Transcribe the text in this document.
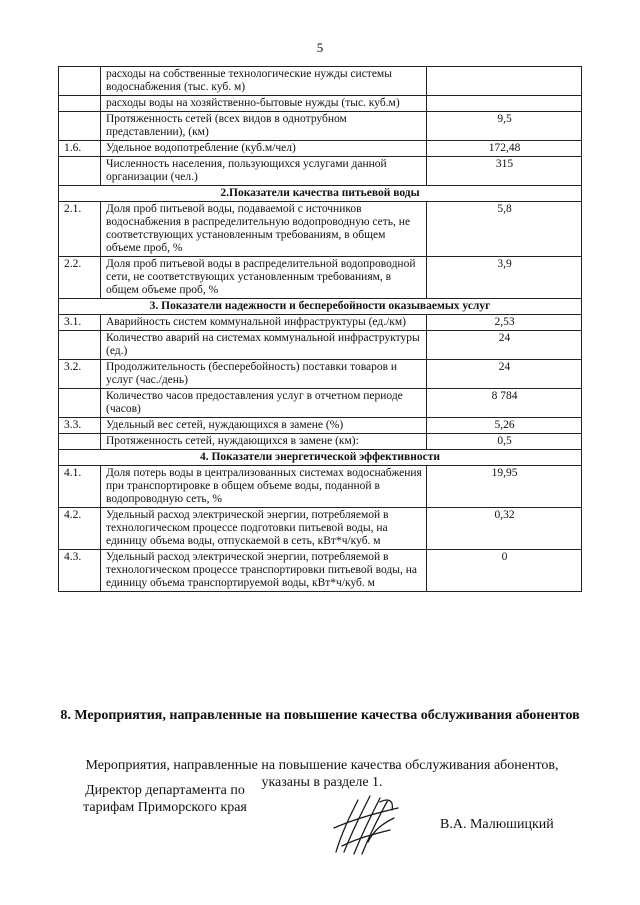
5
	расходы на собственные технологические нужды системы водоснабжения (тыс. куб. м)	
	расходы воды на хозяйственно-бытовые нужды (тыс. куб.м)	
	Протяженность сетей (всех видов в однотрубном представлении), (км)	9,5
1.6.	Удельное водопотребление (куб.м/чел)	172,48
	Численность населения, пользующихся услугами данной организации (чел.)	315
2.Показатели качества питьевой воды		
2.1.	Доля проб питьевой воды, подаваемой с источников водоснабжения в распределительную водопроводную сеть, не соответствующих установленным требованиям, в общем объеме проб, %	5,8
2.2.	Доля проб питьевой воды в распределительной водопроводной сети, не соответствующих установленным требованиям, в общем объеме проб, %	3,9
3. Показатели надежности и бесперебойности оказываемых услуг		
3.1.	Аварийность систем коммунальной инфраструктуры (ед./км)	2,53
	Количество аварий на системах коммунальной инфраструктуры (ед.)	24
3.2.	Продолжительность (бесперебойность) поставки товаров и услуг (час./день)	24
	Количество часов предоставления услуг в отчетном периоде (часов)	8 784
3.3.	Удельный вес сетей, нуждающихся в замене (%)	5,26
	Протяженность сетей, нуждающихся в замене (км):	0,5
4. Показатели энергетической эффективности		
4.1.	Доля потерь воды в централизованных системах водоснабжения при транспортировке в общем объеме воды, поданной в водопроводную сеть, %	19,95
4.2.	Удельный расход электрической энергии, потребляемой в технологическом процессе подготовки питьевой воды, на единицу объема воды, отпускаемой в сеть, кВт*ч/куб. м	0,32
4.3.	Удельный расход электрической энергии, потребляемой в технологическом процессе транспортировки питьевой воды, на единицу объема транспортируемой воды, кВт*ч/куб. м	0
8. Мероприятия, направленные на повышение качества обслуживания абонентов
Мероприятия, направленные на повышение качества обслуживания абонентов, указаны в разделе 1.
Директор департамента по тарифам Приморского края
В.А. Малюшицкий
